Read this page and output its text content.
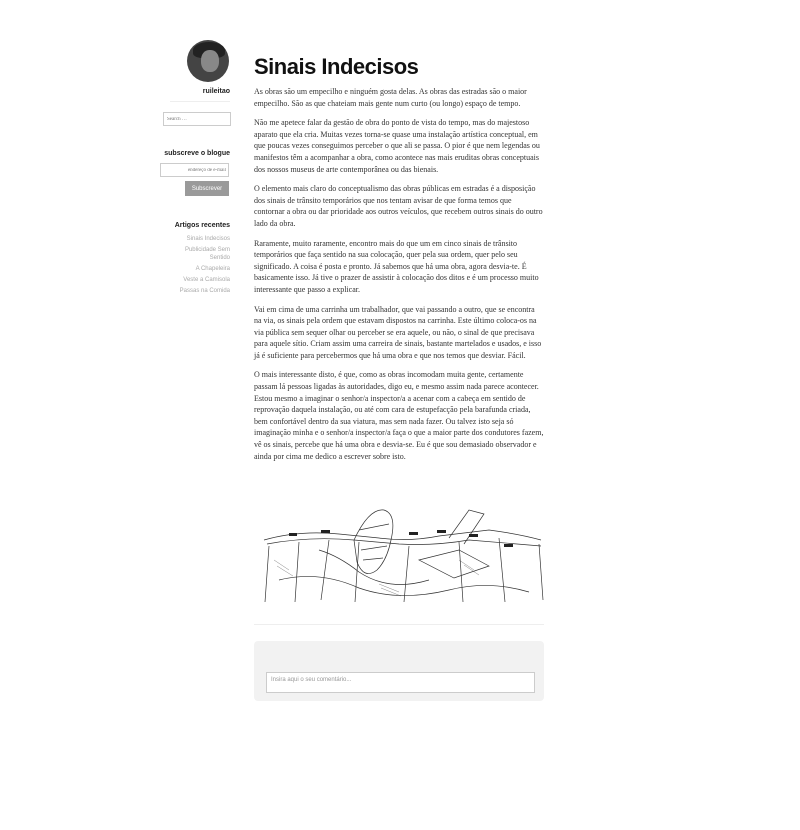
ruileitao
Search …
subscreve o blogue
endereço de e-mail
Subscrever
Artigos recentes
Sinais Indecisos
Publicidade Sem Sentido
A Chapeleira
Veste a Camisola
Passas na Comida
Sinais Indecisos

As obras são um empecilho e ninguém gosta delas. As obras das estradas são o maior empecilho. São as que chateiam mais gente num curto (ou longo) espaço de tempo.

Não me apetece falar da gestão de obra do ponto de vista do tempo, mas do majestoso aparato que ela cria. Muitas vezes torna-se quase uma instalação artística conceptual, em que poucas vezes conseguimos perceber o que ali se passa. O pior é que nem legendas ou manifestos têm a acompanhar a obra, como acontece nas mais eruditas obras conceptuais dos nossos museus de arte contemporânea ou das bienais.

O elemento mais claro do conceptualismo das obras públicas em estradas é a disposição dos sinais de trânsito temporários que nos tentam avisar de que forma temos que contornar a obra ou dar prioridade aos outros veículos, que recebem outros sinais do outro lado da obra.

Raramente, muito raramente, encontro mais do que um em cinco sinais de trânsito temporários que faça sentido na sua colocação, quer pela sua ordem, quer pelo seu significado. A coisa é posta e pronto. Já sabemos que há uma obra, agora desvia-te. É basicamente isso. Já tive o prazer de assistir à colocação dos ditos e é um processo muito interessante que passo a explicar.

Vai em cima de uma carrinha um trabalhador, que vai passando a outro, que se encontra na via, os sinais pela ordem que estavam dispostos na carrinha. Este último coloca-os na via pública sem sequer olhar ou perceber se era aquele, ou não, o sinal de que precisava para aquele sítio. Criam assim uma carreira de sinais, bastante martelados e usados, e isso já é suficiente para percebermos que há uma obra e que nos temos que desviar. Fácil.

O mais interessante disto, é que, como as obras incomodam muita gente, certamente passam lá pessoas ligadas às autoridades, digo eu, e mesmo assim nada parece acontecer. Estou mesmo a imaginar o senhor/a inspector/a a acenar com a cabeça em sentido de reprovação daquela instalação, ou até com cara de estupefacção pela barafunda criada, bem confortável dentro da sua viatura, mas sem nada fazer. Ou talvez isto seja só imaginação minha e o senhor/a inspector/a faça o que a maior parte dos condutores fazem, vê os sinais, percebe que há uma obra e desvia-se. Eu é que sou demasiado observador e ainda por cima me dedico a escrever sobre isto.

Insira aqui o seu comentário...
